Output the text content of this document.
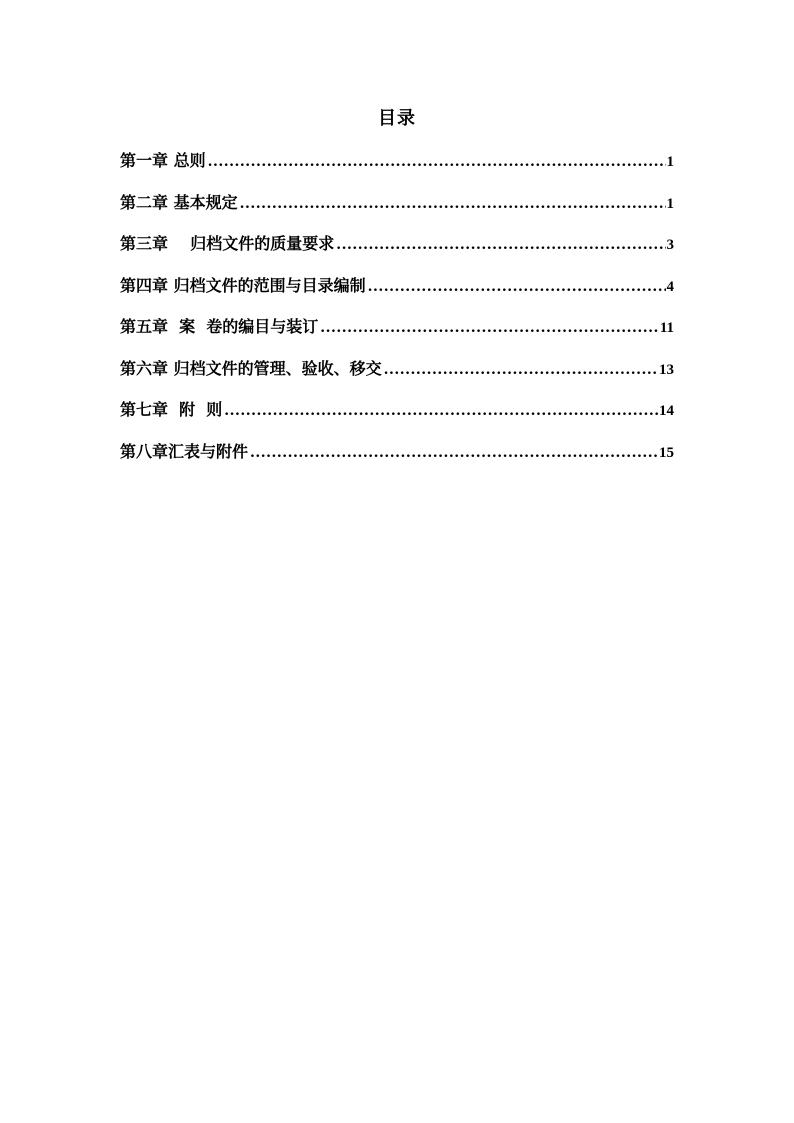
目录
第一章 总则 .....	1
第二章 基本规定 .....	1
第三章    归档文件的质量要求 .....	3
第四章 归档文件的范围与目录编制 .....	4
第五章  案  卷的编目与装订 .....	11
第六章 归档文件的管理、验收、移交 .....	13
第七章  附  则 .....	14
第八章汇表与附件 .....	15
